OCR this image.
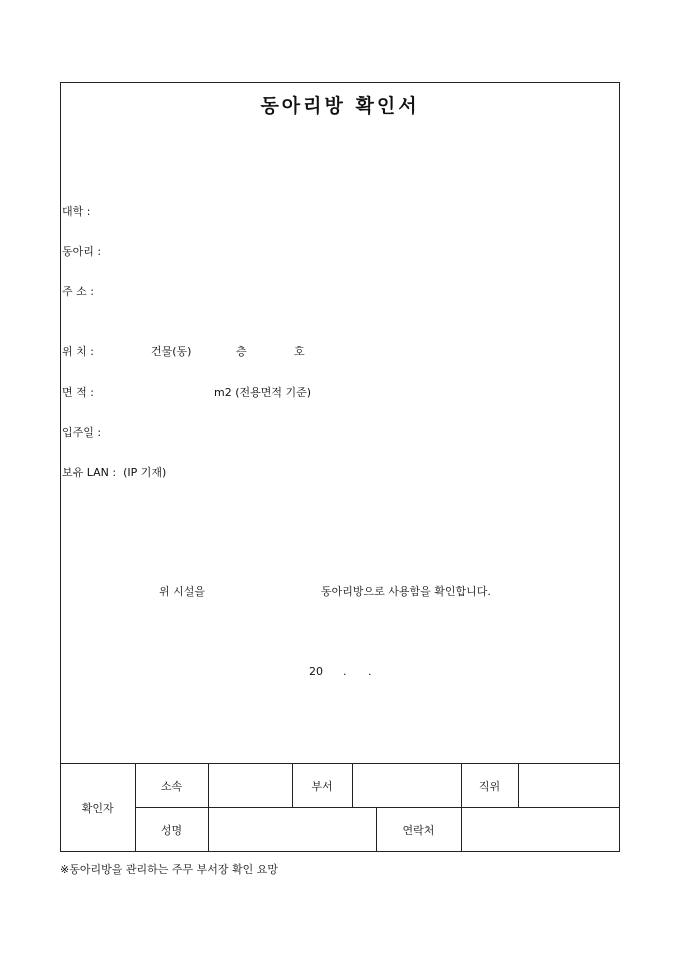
동아리방 확인서
대학 :
동아리 :
주 소 :
위 치 :	건물(동)	층	호
면 적 :	m2 (전용면적 기준)
입주일 :
보유 LAN :  (IP 기재)
위 시설을	동아리방으로 사용함을 확인합니다.
20 . .
확인자	소속		부서			직위	
	성명				연락처		
※동아리방을 관리하는 주무 부서장 확인 요망
